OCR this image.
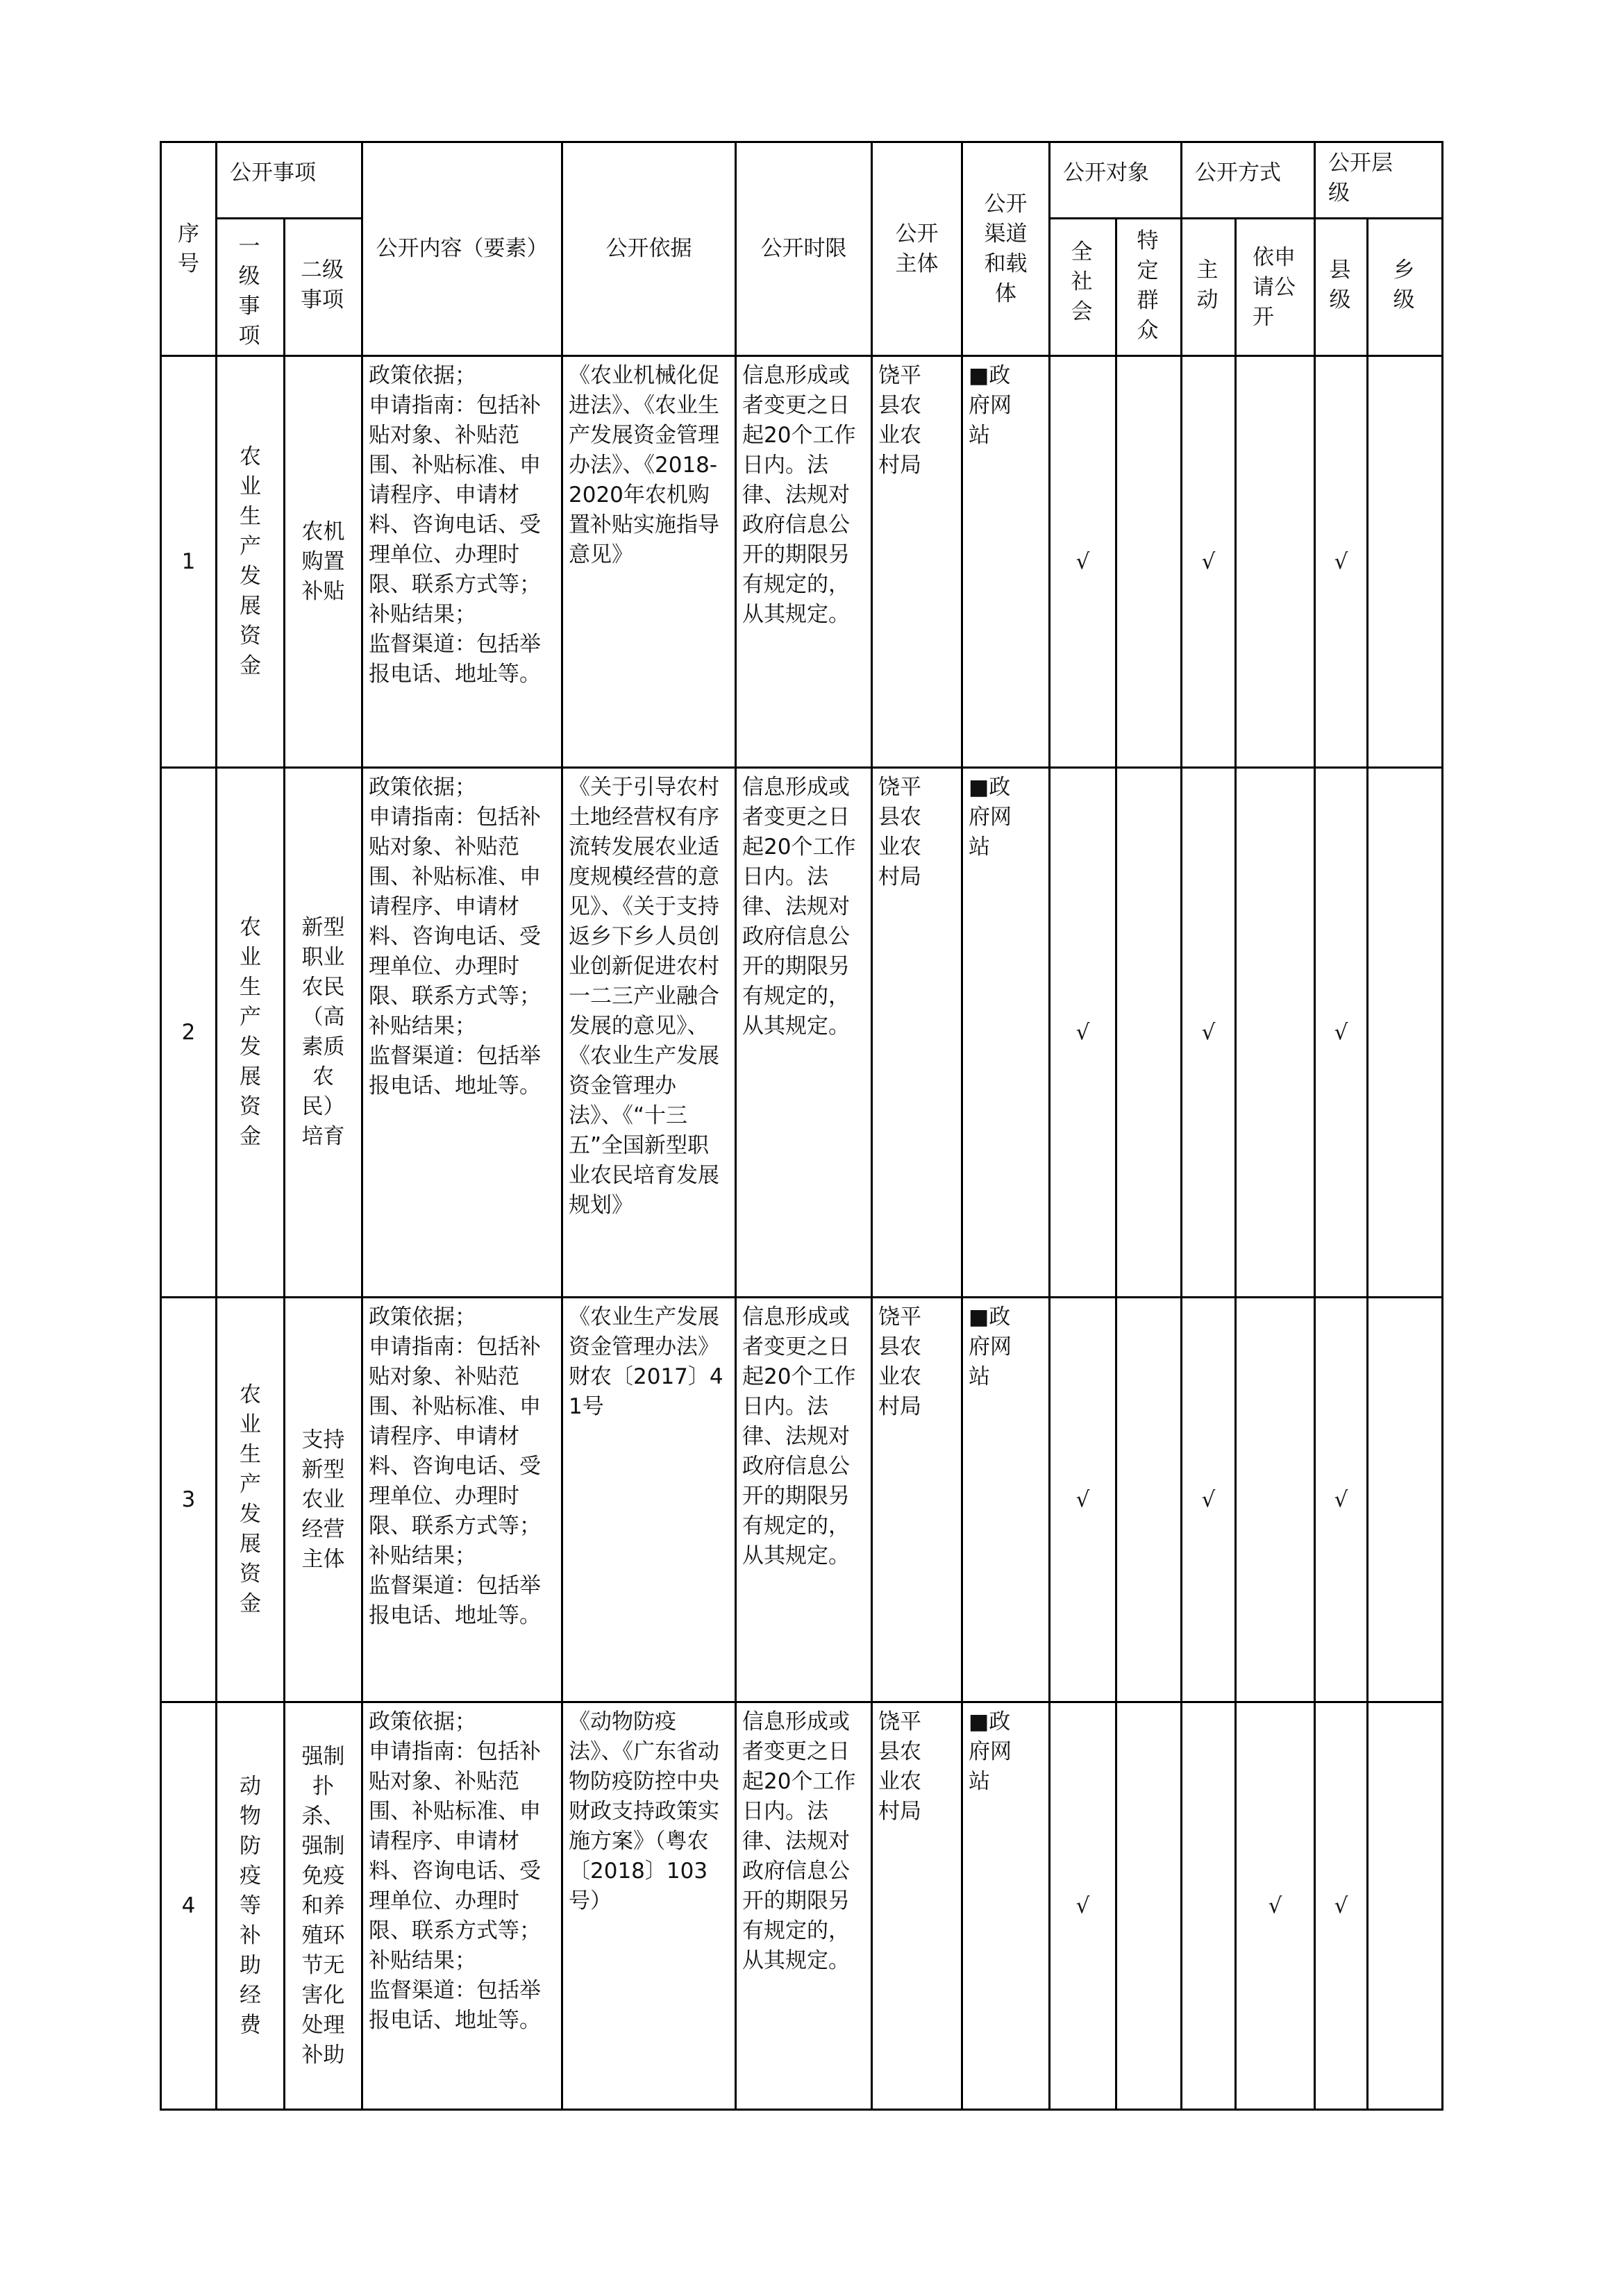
序号	公开事项		公开内容（要素）	公开依据	公开时限	公开主体	公开渠道和载体	公开对象		公开方式		公开层级	

	一级事项	二级事项						全社会	特定群众	主动	依申请公开	县级	乡级

1	农业生产发展资金	农机购置补贴	政策依据；
申请指南：包括补贴对象、补贴范围、补贴标准、申请程序、申请材料、咨询电话、受理单位、办理时限、联系方式等；
补贴结果；
监督渠道：包括举报电话、地址等。	《农业机械化促进法》、《农业生产发展资金管理办法》、《2018-2020年农机购置补贴实施指导意见》	信息形成或者变更之日起20个工作日内。法律、法规对政府信息公开的期限另有规定的，从其规定。	饶平县农业农村局	■政府网站	√		√		√	
2	农业生产发展资金	新型职业农民（高素质农民）培育	政策依据；
申请指南：包括补贴对象、补贴范围、补贴标准、申请程序、申请材料、咨询电话、受理单位、办理时限、联系方式等；
补贴结果；
监督渠道：包括举报电话、地址等。	《关于引导农村土地经营权有序流转发展农业适度规模经营的意见》、《关于支持返乡下乡人员创业创新促进农村一二三产业融合发展的意见》、《农业生产发展资金管理办法》、《“十三五”全国新型职业农民培育发展规划》	信息形成或者变更之日起20个工作日内。法律、法规对政府信息公开的期限另有规定的，从其规定。	饶平县农业农村局	■政府网站	√		√		√	
3	农业生产发展资金	支持新型农业经营主体	政策依据；
申请指南：包括补贴对象、补贴范围、补贴标准、申请程序、申请材料、咨询电话、受理单位、办理时限、联系方式等；
补贴结果；
监督渠道：包括举报电话、地址等。	《农业生产发展资金管理办法》财农〔2017〕41号	信息形成或者变更之日起20个工作日内。法律、法规对政府信息公开的期限另有规定的，从其规定。	饶平县农业农村局	■政府网站	√		√		√	
4	动物防疫等补助经费	强制扑杀、强制免疫和养殖环节无害化处理补助	政策依据；
申请指南：包括补贴对象、补贴范围、补贴标准、申请程序、申请材料、咨询电话、受理单位、办理时限、联系方式等；
补贴结果；
监督渠道：包括举报电话、地址等。	《动物防疫法》、《广东省动物防疫防控中央财政支持政策实施方案》（粤农〔2018〕103号）	信息形成或者变更之日起20个工作日内。法律、法规对政府信息公开的期限另有规定的，从其规定。	饶平县农业农村局	■政府网站	√			√	√	
